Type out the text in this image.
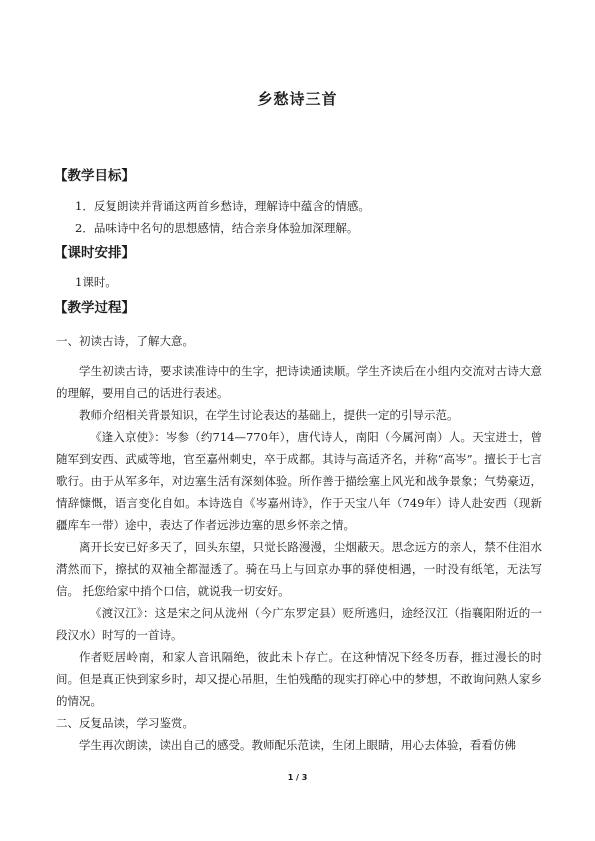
乡愁诗三首
【教学目标】
1．反复朗读并背诵这两首乡愁诗，理解诗中蕴含的情感。
2．品味诗中名句的思想感情，结合亲身体验加深理解。
【课时安排】
1课时。
【教学过程】
一、初读古诗，了解大意。
学生初读古诗，要求读准诗中的生字，把诗读通读顺。学生齐读后在小组内交流对古诗大意的理解，要用自己的话进行表述。
教师介绍相关背景知识，在学生讨论表达的基础上，提供一定的引导示范。
《逢入京使》：岑参（约714—770年），唐代诗人，南阳（今属河南）人。天宝进士，曾随军到安西、武威等地，官至嘉州刺史，卒于成都。其诗与高适齐名，并称“高岑”。擅长于七言歌行。由于从军多年，对边塞生活有深刻体验。所作善于描绘塞上风光和战争景象；气势豪迈，情辞慷慨，语言变化自如。本诗选自《岑嘉州诗》，作于天宝八年（749年）诗人赴安西（现新疆库车一带）途中，表达了作者远涉边塞的思乡怀亲之情。
离开长安已好多天了，回头东望，只觉长路漫漫，尘烟蔽天。思念远方的亲人，禁不住泪水潸然而下，擦拭的双袖全都湿透了。骑在马上与回京办事的驿使相遇，一时没有纸笔，无法写信。 托您给家中捎个口信，就说我一切安好。
《渡汉江》：这是宋之问从泷州（今广东罗定县）贬所逃归，途经汉江（指襄阳附近的一段汉水）时写的一首诗。
作者贬居岭南，和家人音讯隔绝，彼此未卜存亡。在这种情况下经冬历春，捱过漫长的时间。但是真正快到家乡时，却又提心吊胆，生怕残酷的现实打碎心中的梦想，不敢询问熟人家乡的情况。
二、反复品读，学习鉴赏。
学生再次朗读，读出自己的感受。教师配乐范读，生闭上眼睛，用心去体验，看看仿佛
1 / 3
